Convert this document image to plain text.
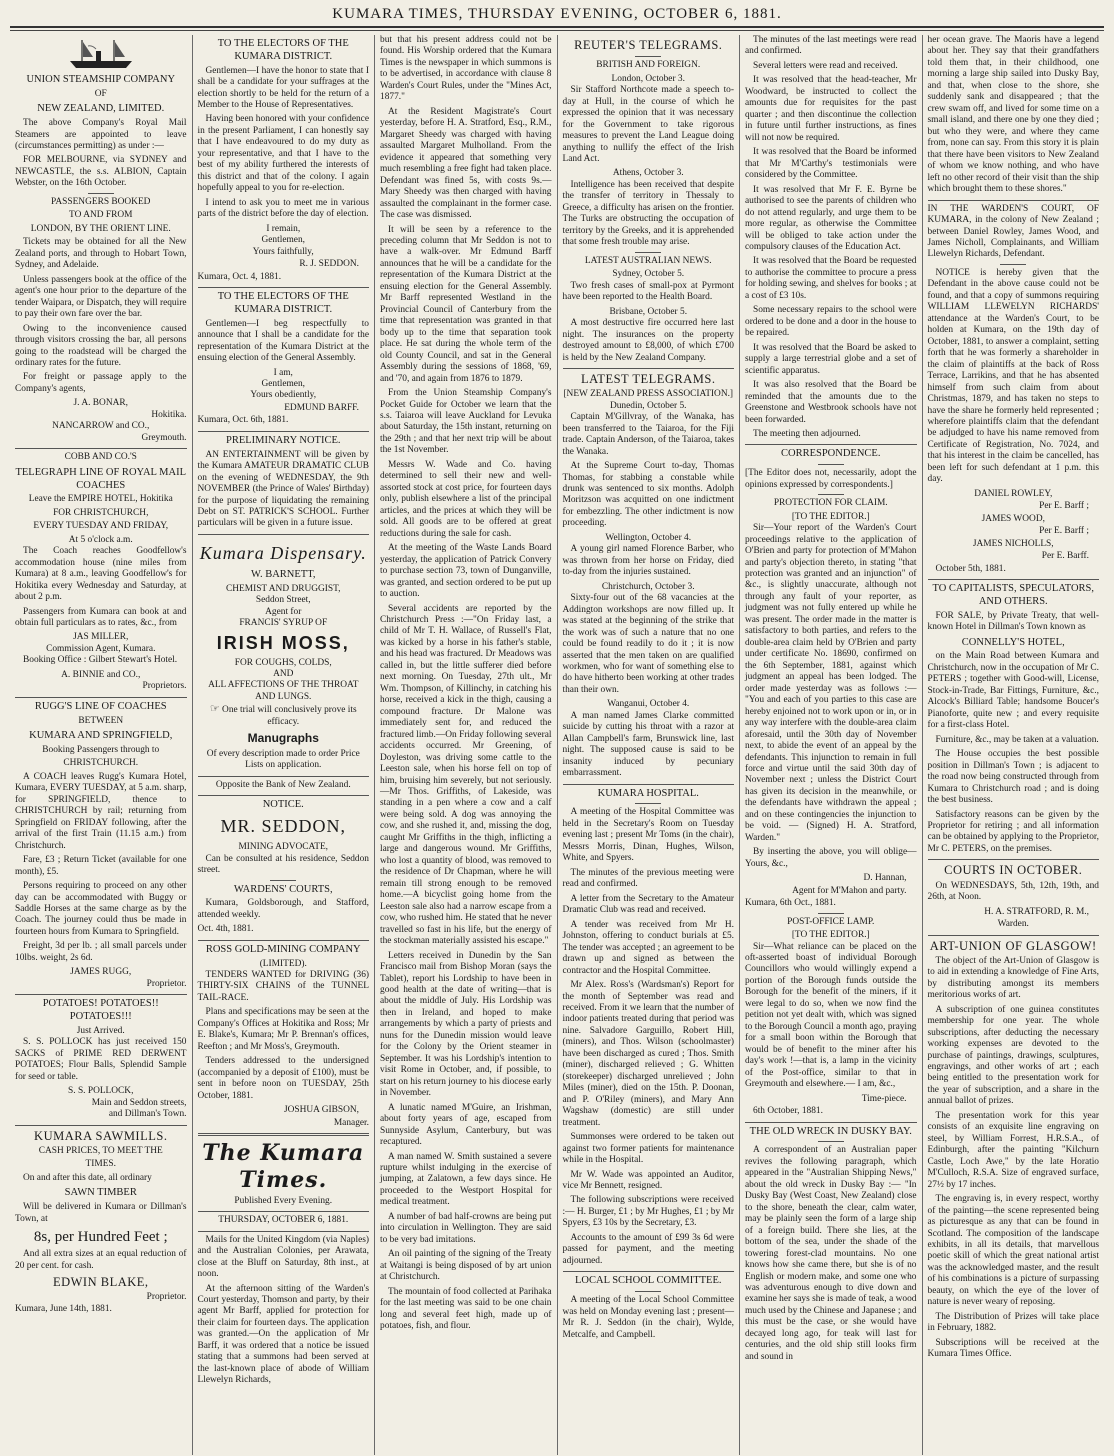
KUMARA TIMES, THURSDAY EVENING, OCTOBER 6, 1881.
UNION STEAMSHIP COMPANY
OF
NEW ZEALAND, LIMITED.

The above Company's Royal Mail Steamers are appointed to leave (circumstances permitting) as under :—

FOR MELBOURNE, via SYDNEY and NEWCASTLE, the s.s. ALBION, Captain Webster, on the 16th October.

PASSENGERS BOOKED
TO AND FROM
LONDON, BY THE ORIENT LINE.

Tickets may be obtained for all the New Zealand ports, and through to Hobart Town, Sydney, and Adelaide.

Unless passengers book at the office of the agent's one hour prior to the departure of the tender Waipara, or Dispatch, they will require to pay their own fare over the bar.

Owing to the inconvenience caused through visitors crossing the bar, all persons going to the roadstead will be charged the ordinary rates for the future.

For freight or passage apply to the Company's agents,

J. A. BONAR,
Hokitika.
NANCARROW and CO.,
Greymouth.
COBB AND CO.'S
TELEGRAPH LINE OF ROYAL MAIL COACHES
Leave the EMPIRE HOTEL, Hokitika
FOR CHRISTCHURCH,
EVERY TUESDAY AND FRIDAY,
At 5 o'clock a.m.

The Coach reaches Goodfellow's accommodation house (nine miles from Kumara) at 8 a.m., leaving Goodfellow's for Hokitika every Wednesday and Saturday, at about 2 p.m.

Passengers from Kumara can book at and obtain full particulars as to rates, &c., from

JAS MILLER,
Commission Agent, Kumara.

Booking Office : Gilbert Stewart's Hotel.

A. BINNIE and CO.,
Proprietors.
RUGG'S LINE OF COACHES
BETWEEN
KUMARA AND SPRINGFIELD,
Booking Passengers through to
CHRISTCHURCH.

A COACH leaves Rugg's Kumara Hotel, Kumara, EVERY TUESDAY, at 5 a.m. sharp, for SPRINGFIELD, thence to CHRISTCHURCH by rail; returning from Springfield on FRIDAY following, after the arrival of the first Train (11.15 a.m.) from Christchurch.

Fare, £3 ; Return Ticket (available for one month), £5.

Persons requiring to proceed on any other day can be accommodated with Buggy or Saddle Horses at the same charge as by the Coach. The journey could thus be made in fourteen hours from Kumara to Springfield.

Freight, 3d per lb. ; all small parcels under 10lbs. weight, 2s 6d.

JAMES RUGG,
Proprietor.
POTATOES! POTATOES!! POTATOES!!!
Just Arrived.

S. S. POLLOCK has just received 150 SACKS of PRIME RED DERWENT POTATOES; Flour Balls, Splendid Sample for seed or table.

S. S. POLLOCK,
Main and Seddon streets,
and Dillman's Town.
KUMARA SAWMILLS.
CASH PRICES, TO MEET THE
TIMES.

On and after this date, all ordinary

SAWN TIMBER

Will be delivered in Kumara or Dillman's Town, at

8s, per Hundred Feet ;

And all extra sizes at an equal reduction of 20 per cent. for cash.

EDWIN BLAKE,
Proprietor.

Kumara, June 14th, 1881.

TO THE ELECTORS OF THE KUMARA DISTRICT.

Gentlemen—I have the honor to state that I shall be a candidate for your suffrages at the election shortly to be held for the return of a Member to the House of Representatives.

Having been honored with your confidence in the present Parliament, I can honestly say that I have endeavoured to do my duty as your representative, and that I have to the best of my ability furthered the interests of this district and that of the colony. I again hopefully appeal to you for re-election.

I intend to ask you to meet me in various parts of the district before the day of election.

I remain,
Gentlemen,
Yours faithfully,
R. J. SEDDON.

Kumara, Oct. 4, 1881.

TO THE ELECTORS OF THE KUMARA DISTRICT.

Gentlemen—I beg respectfully to announce that I shall be a candidate for the representation of the Kumara District at the ensuing election of the General Assembly.

I am,
Gentlemen,
Yours obediently,
EDMUND BARFF.

Kumara, Oct. 6th, 1881.

PRELIMINARY NOTICE.

AN ENTERTAINMENT will be given by the Kumara AMATEUR DRAMATIC CLUB on the evening of WEDNESDAY, the 9th NOVEMBER (the Prince of Wales' Birthday) for the purpose of liquidating the remaining Debt on ST. PATRICK'S SCHOOL. Further particulars will be given in a future issue.

Kumara Dispensary.
W. BARNETT,
CHEMIST AND DRUGGIST,
Seddon Street,
Agent for
FRANCIS' SYRUP OF
IRISH MOSS,
FOR COUGHS, COLDS,
AND
ALL AFFECTIONS OF THE THROAT AND LUNGS.
☞ One trial will conclusively prove its efficacy.
Manugraphs
Of every description made to order Price Lists on application.
Opposite the Bank of New Zealand.
NOTICE.
MR. SEDDON,
MINING ADVOCATE,

Can be consulted at his residence, Seddon street.

WARDENS' COURTS,

Kumara, Goldsborough, and Stafford, attended weekly.

Oct. 4th, 1881.

ROSS GOLD-MINING COMPANY
(LIMITED).

TENDERS WANTED for DRIVING (36) THIRTY-SIX CHAINS of the TUNNEL TAIL-RACE.

Plans and specifications may be seen at the Company's Offices at Hokitika and Ross; Mr E. Blake's, Kumara; Mr P. Brennan's offices, Reefton ; and Mr Moss's, Greymouth.

Tenders addressed to the undersigned (accompanied by a deposit of £100), must be sent in before noon on TUESDAY, 25th October, 1881.

JOSHUA GIBSON,
Manager.
The Kumara Times.
Published Every Evening.
THURSDAY, OCTOBER 6, 1881.

Mails for the United Kingdom (via Naples) and the Australian Colonies, per Arawata, close at the Bluff on Saturday, 8th inst., at noon.

At the afternoon sitting of the Warden's Court yesterday, Thomson and party, by their agent Mr Barff, applied for protection for their claim for fourteen days. The application was granted.—On the application of Mr Barff, it was ordered that a notice be issued stating that a summons had been served at the last-known place of abode of William Llewelyn Richards,

but that his present address could not be found. His Worship ordered that the Kumara Times is the newspaper in which summons is to be advertised, in accordance with clause 8 Warden's Court Rules, under the "Mines Act, 1877."

At the Resident Magistrate's Court yesterday, before H. A. Stratford, Esq., R.M., Margaret Sheedy was charged with having assaulted Margaret Mulholland. From the evidence it appeared that something very much resembling a free fight had taken place. Defendant was fined 5s, with costs 9s.—Mary Sheedy was then charged with having assaulted the complainant in the former case. The case was dismissed.

It will be seen by a reference to the preceding column that Mr Seddon is not to have a walk-over. Mr Edmund Barff announces that he will be a candidate for the representation of the Kumara District at the ensuing election for the General Assembly. Mr Barff represented Westland in the Provincial Council of Canterbury from the time that representation was granted in that body up to the time that separation took place. He sat during the whole term of the old County Council, and sat in the General Assembly during the sessions of 1868, '69, and '70, and again from 1876 to 1879.

From the Union Steamship Company's Pocket Guide for October we learn that the s.s. Taiaroa will leave Auckland for Levuka about Saturday, the 15th instant, returning on the 29th ; and that her next trip will be about the 1st November.

Messrs W. Wade and Co. having determined to sell their new and well-assorted stock at cost price, for fourteen days only, publish elsewhere a list of the principal articles, and the prices at which they will be sold. All goods are to be offered at great reductions during the sale for cash.

At the meeting of the Waste Lands Board yesterday, the application of Patrick Convery to purchase section 73, town of Dunganville, was granted, and section ordered to be put up to auction.

Several accidents are reported by the Christchurch Press :—"On Friday last, a child of Mr T. H. Wallace, of Russell's Flat, was kicked by a horse in his father's stable, and his head was fractured. Dr Meadows was called in, but the little sufferer died before next morning. On Tuesday, 27th ult., Mr Wm. Thompson, of Killinchy, in catching his horse, received a kick in the thigh, causing a compound fracture. Dr Malone was immediately sent for, and reduced the fractured limb.—On Friday following several accidents occurred. Mr Greening, of Doyleston, was driving some cattle to the Leeston sale, when his horse fell on top of him, bruising him severely, but not seriously.—Mr Thos. Griffiths, of Lakeside, was standing in a pen where a cow and a calf were being sold. A dog was annoying the cow, and she rushed it, and, missing the dog, caught Mr Griffiths in the thigh, inflicting a large and dangerous wound. Mr Griffiths, who lost a quantity of blood, was removed to the residence of Dr Chapman, where he will remain till strong enough to be removed home.—A bicyclist going home from the Leeston sale also had a narrow escape from a cow, who rushed him. He stated that he never travelled so fast in his life, but the energy of the stockman materially assisted his escape."

Letters received in Dunedin by the San Francisco mail from Bishop Moran (says the Tablet), report his Lordship to have been in good health at the date of writing—that is about the middle of July. His Lordship was then in Ireland, and hoped to make arrangements by which a party of priests and nuns for the Dunedin mission would leave for the Colony by the Orient steamer in September. It was his Lordship's intention to visit Rome in October, and, if possible, to start on his return journey to his diocese early in November.

A lunatic named M'Guire, an Irishman, about forty years of age, escaped from Sunnyside Asylum, Canterbury, but was recaptured.

A man named W. Smith sustained a severe rupture whilst indulging in the exercise of jumping, at Zalatown, a few days since. He proceeded to the Westport Hospital for medical treatment.

A number of bad half-crowns are being put into circulation in Wellington. They are said to be very bad imitations.

An oil painting of the signing of the Treaty at Waitangi is being disposed of by art union at Christchurch.

The mountain of food collected at Parihaka for the last meeting was said to be one chain long and several feet high, made up of potatoes, fish, and flour.

REUTER'S TELEGRAMS.
BRITISH AND FOREIGN.
London, October 3.

Sir Stafford Northcote made a speech to-day at Hull, in the course of which he expressed the opinion that it was necessary for the Government to take rigorous measures to prevent the Land League doing anything to nullify the effect of the Irish Land Act.

Athens, October 3.

Intelligence has been received that despite the transfer of territory in Thessaly to Greece, a difficulty has arisen on the frontier. The Turks are obstructing the occupation of territory by the Greeks, and it is apprehended that some fresh trouble may arise.

LATEST AUSTRALIAN NEWS.
Sydney, October 5.

Two fresh cases of small-pox at Pyrmont have been reported to the Health Board.

Brisbane, October 5.

A most destructive fire occurred here last night. The insurances on the property destroyed amount to £8,000, of which £700 is held by the New Zealand Company.

LATEST TELEGRAMS.
[NEW ZEALAND PRESS ASSOCIATION.]
Dunedin, October 5.

Captain M'Gillvray, of the Wanaka, has been transferred to the Taiaroa, for the Fiji trade. Captain Anderson, of the Taiaroa, takes the Wanaka.

At the Supreme Court to-day, Thomas Thomas, for stabbing a constable while drunk was sentenced to six months. Adolph Moritzson was acquitted on one indictment for embezzling. The other indictment is now proceeding.

Wellington, October 4.

A young girl named Florence Barber, who was thrown from her horse on Friday, died to-day from the injuries sustained.

Christchurch, October 3.

Sixty-four out of the 68 vacancies at the Addington workshops are now filled up. It was stated at the beginning of the strike that the work was of such a nature that no one could be found readily to do it ; it is now asserted that the men taken on are qualified workmen, who for want of something else to do have hitherto been working at other trades than their own.

Wanganui, October 4.

A man named James Clarke committed suicide by cutting his throat with a razor at Allan Campbell's farm, Brunswick line, last night. The supposed cause is said to be insanity induced by pecuniary embarrassment.

KUMARA HOSPITAL.

A meeting of the Hospital Committee was held in the Secretary's Room on Tuesday evening last ; present Mr Toms (in the chair), Messrs Morris, Dinan, Hughes, Wilson, White, and Spyers.

The minutes of the previous meeting were read and confirmed.

A letter from the Secretary to the Amateur Dramatic Club was read and received.

A tender was received from Mr H. Johnston, offering to conduct burials at £5. The tender was accepted ; an agreement to be drawn up and signed as between the contractor and the Hospital Committee.

Mr Alex. Ross's (Wardsman's) Report for the month of September was read and received. From it we learn that the number of indoor patients treated during that period was nine. Salvadore Garguillo, Robert Hill, (miners), and Thos. Wilson (schoolmaster) have been discharged as cured ; Thos. Smith (miner), discharged relieved ; G. Whitten (storekeeper) discharged unrelieved ; John Miles (miner), died on the 15th. P. Doonan, and P. O'Riley (miners), and Mary Ann Wagshaw (domestic) are still under treatment.

Summonses were ordered to be taken out against two former patients for maintenance while in the Hospital.

Mr W. Wade was appointed an Auditor, vice Mr Bennett, resigned.

The following subscriptions were received :— H. Burger, £1 ; by Mr Hughes, £1 ; by Mr Spyers, £3 10s by the Secretary, £3.

Accounts to the amount of £99 3s 6d were passed for payment, and the meeting adjourned.

LOCAL SCHOOL COMMITTEE.

A meeting of the Local School Committee was held on Monday evening last ; present—Mr R. J. Seddon (in the chair), Wylde, Metcalfe, and Campbell.

The minutes of the last meetings were read and confirmed.

Several letters were read and received.

It was resolved that the head-teacher, Mr Woodward, be instructed to collect the amounts due for requisites for the past quarter ; and then discontinue the collection in future until further instructions, as fines will not now be required.

It was resolved that the Board be informed that Mr M'Carthy's testimonials were considered by the Committee.

It was resolved that Mr F. E. Byrne be authorised to see the parents of children who do not attend regularly, and urge them to be more regular, as otherwise the Committee will be obliged to take action under the compulsory clauses of the Education Act.

It was resolved that the Board be requested to authorise the committee to procure a press for holding sewing, and shelves for books ; at a cost of £3 10s.

Some necessary repairs to the school were ordered to be done and a door in the house to be repaired.

It was resolved that the Board be asked to supply a large terrestrial globe and a set of scientific apparatus.

It was also resolved that the Board be reminded that the amounts due to the Greenstone and Westbrook schools have not been forwarded.

The meeting then adjourned.

CORRESPONDENCE.

[The Editor does not, necessarily, adopt the opinions expressed by correspondents.]

PROTECTION FOR CLAIM.
[TO THE EDITOR.]

Sir—Your report of the Warden's Court proceedings relative to the application of O'Brien and party for protection of M'Mahon and party's objection thereto, in stating "that protection was granted and an injunction" of &c., is slightly unaccurate, although not through any fault of your reporter, as judgment was not fully entered up while he was present. The order made in the matter is satisfactory to both parties, and refers to the double-area claim held by O'Brien and party under certificate No. 18690, confirmed on the 6th September, 1881, against which judgment an appeal has been lodged. The order made yesterday was as follows :— "You and each of you parties to this case are hereby enjoined not to work upon or in, or in any way interfere with the double-area claim aforesaid, until the 30th day of November next, to abide the event of an appeal by the defendants. This injunction to remain in full force and virtue until the said 30th day of November next ; unless the District Court has given its decision in the meanwhile, or the defendants have withdrawn the appeal ; and on these contingencies the injunction to be void. — (Signed) H. A. Stratford, Warden."

By inserting the above, you will oblige—Yours, &c.,

D. Hannan,
Agent for M'Mahon and party.

Kumara, 6th Oct., 1881.

POST-OFFICE LAMP.
[TO THE EDITOR.]

Sir—What reliance can be placed on the oft-asserted boast of individual Borough Councillors who would willingly expend a portion of the Borough funds outside the Borough for the benefit of the miners, if it were legal to do so, when we now find the petition not yet dealt with, which was signed to the Borough Council a month ago, praying for a small boon within the Borough that would be of benefit to the miner after his day's work !—that is, a lamp in the vicinity of the Post-office, similar to that in Greymouth and elsewhere.— I am, &c.,

Time-piece.

6th October, 1881.

THE OLD WRECK IN DUSKY BAY.

A correspondent of an Australian paper revives the following paragraph, which appeared in the "Australian Shipping News," about the old wreck in Dusky Bay :— "In Dusky Bay (West Coast, New Zealand) close to the shore, beneath the clear, calm water, may be plainly seen the form of a large ship of a foreign build. There she lies, at the bottom of the sea, under the shade of the towering forest-clad mountains. No one knows how she came there, but she is of no English or modern make, and some one who was adventurous enough to dive down and examine her says she is made of teak, a wood much used by the Chinese and Japanese ; and this must be the case, or she would have decayed long ago, for teak will last for centuries, and the old ship still looks firm and sound in

her ocean grave. The Maoris have a legend about her. They say that their grandfathers told them that, in their childhood, one morning a large ship sailed into Dusky Bay, and that, when close to the shore, she suddenly sank and disappeared ; that the crew swam off, and lived for some time on a small island, and there one by one they died ; but who they were, and where they came from, none can say. From this story it is plain that there have been visitors to New Zealand of whom we know nothing, and who have left no other record of their visit than the ship which brought them to these shores."

IN THE WARDEN'S COURT, OF KUMARA, in the colony of New Zealand ; between Daniel Rowley, James Wood, and James Nicholl, Complainants, and William Llewelyn Richards, Defendant.

NOTICE is hereby given that the Defendant in the above cause could not be found, and that a copy of summons requiring WILLIAM LLEWELYN RICHARDS' attendance at the Warden's Court, to be holden at Kumara, on the 19th day of October, 1881, to answer a complaint, setting forth that he was formerly a shareholder in the claim of plaintiffs at the back of Ross Terrace, Larrikins, and that he has absented himself from such claim from about Christmas, 1879, and has taken no steps to have the share he formerly held represented ; wherefore plaintiffs claim that the defendant be adjudged to have his name removed from Certificate of Registration, No. 7024, and that his interest in the claim be cancelled, has been left for such defendant at 1 p.m. this day.

DANIEL ROWLEY,
Per E. Barff ;
JAMES WOOD,
Per E. Barff ;
JAMES NICHOLLS,
Per E. Barff.

October 5th, 1881.

TO CAPITALISTS, SPECULATORS, AND OTHERS.

FOR SALE, by Private Treaty, that well-known Hotel in Dillman's Town known as

CONNELLY'S HOTEL,

on the Main Road between Kumara and Christchurch, now in the occupation of Mr C. PETERS ; together with Good-will, License, Stock-in-Trade, Bar Fittings, Furniture, &c., Alcock's Billiard Table; handsome Boucer's Pianoforte, quite new ; and every requisite for a first-class Hotel.

Furniture, &c., may be taken at a valuation.

The House occupies the best possible position in Dillman's Town ; is adjacent to the road now being constructed through from Kumara to Christchurch road ; and is doing the best business.

Satisfactory reasons can be given by the Proprietor for retiring ; and all information can be obtained by applying to the Proprietor, Mr C. PETERS, on the premises.

COURTS IN OCTOBER.

On WEDNESDAYS, 5th, 12th, 19th, and 26th, at Noon.

H. A. STRATFORD, R. M.,
Warden.
ART-UNION OF GLASGOW!

The object of the Art-Union of Glasgow is to aid in extending a knowledge of Fine Arts, by distributing amongst its members meritorious works of art.

A subscription of one guinea constitutes membership for one year. The whole subscriptions, after deducting the necessary working expenses are devoted to the purchase of paintings, drawings, sculptures, engravings, and other works of art ; each being entitled to the presentation work for the year of subscription, and a share in the annual ballot of prizes.

The presentation work for this year consists of an exquisite line engraving on steel, by William Forrest, H.R.S.A., of Edinburgh, after the painting "Kilchurn Castle, Loch Awe," by the late Horatio M'Culloch, R.S.A. Size of engraved surface, 27½ by 17 inches.

The engraving is, in every respect, worthy of the painting—the scene represented being as picturesque as any that can be found in Scotland. The composition of the landscape exhibits, in all its details, that marvellous poetic skill of which the great national artist was the acknowledged master, and the result of his combinations is a picture of surpassing beauty, on which the eye of the lover of nature is never weary of reposing.

The Distribution of Prizes will take place in February, 1882.

Subscriptions will be received at the Kumara Times Office.
